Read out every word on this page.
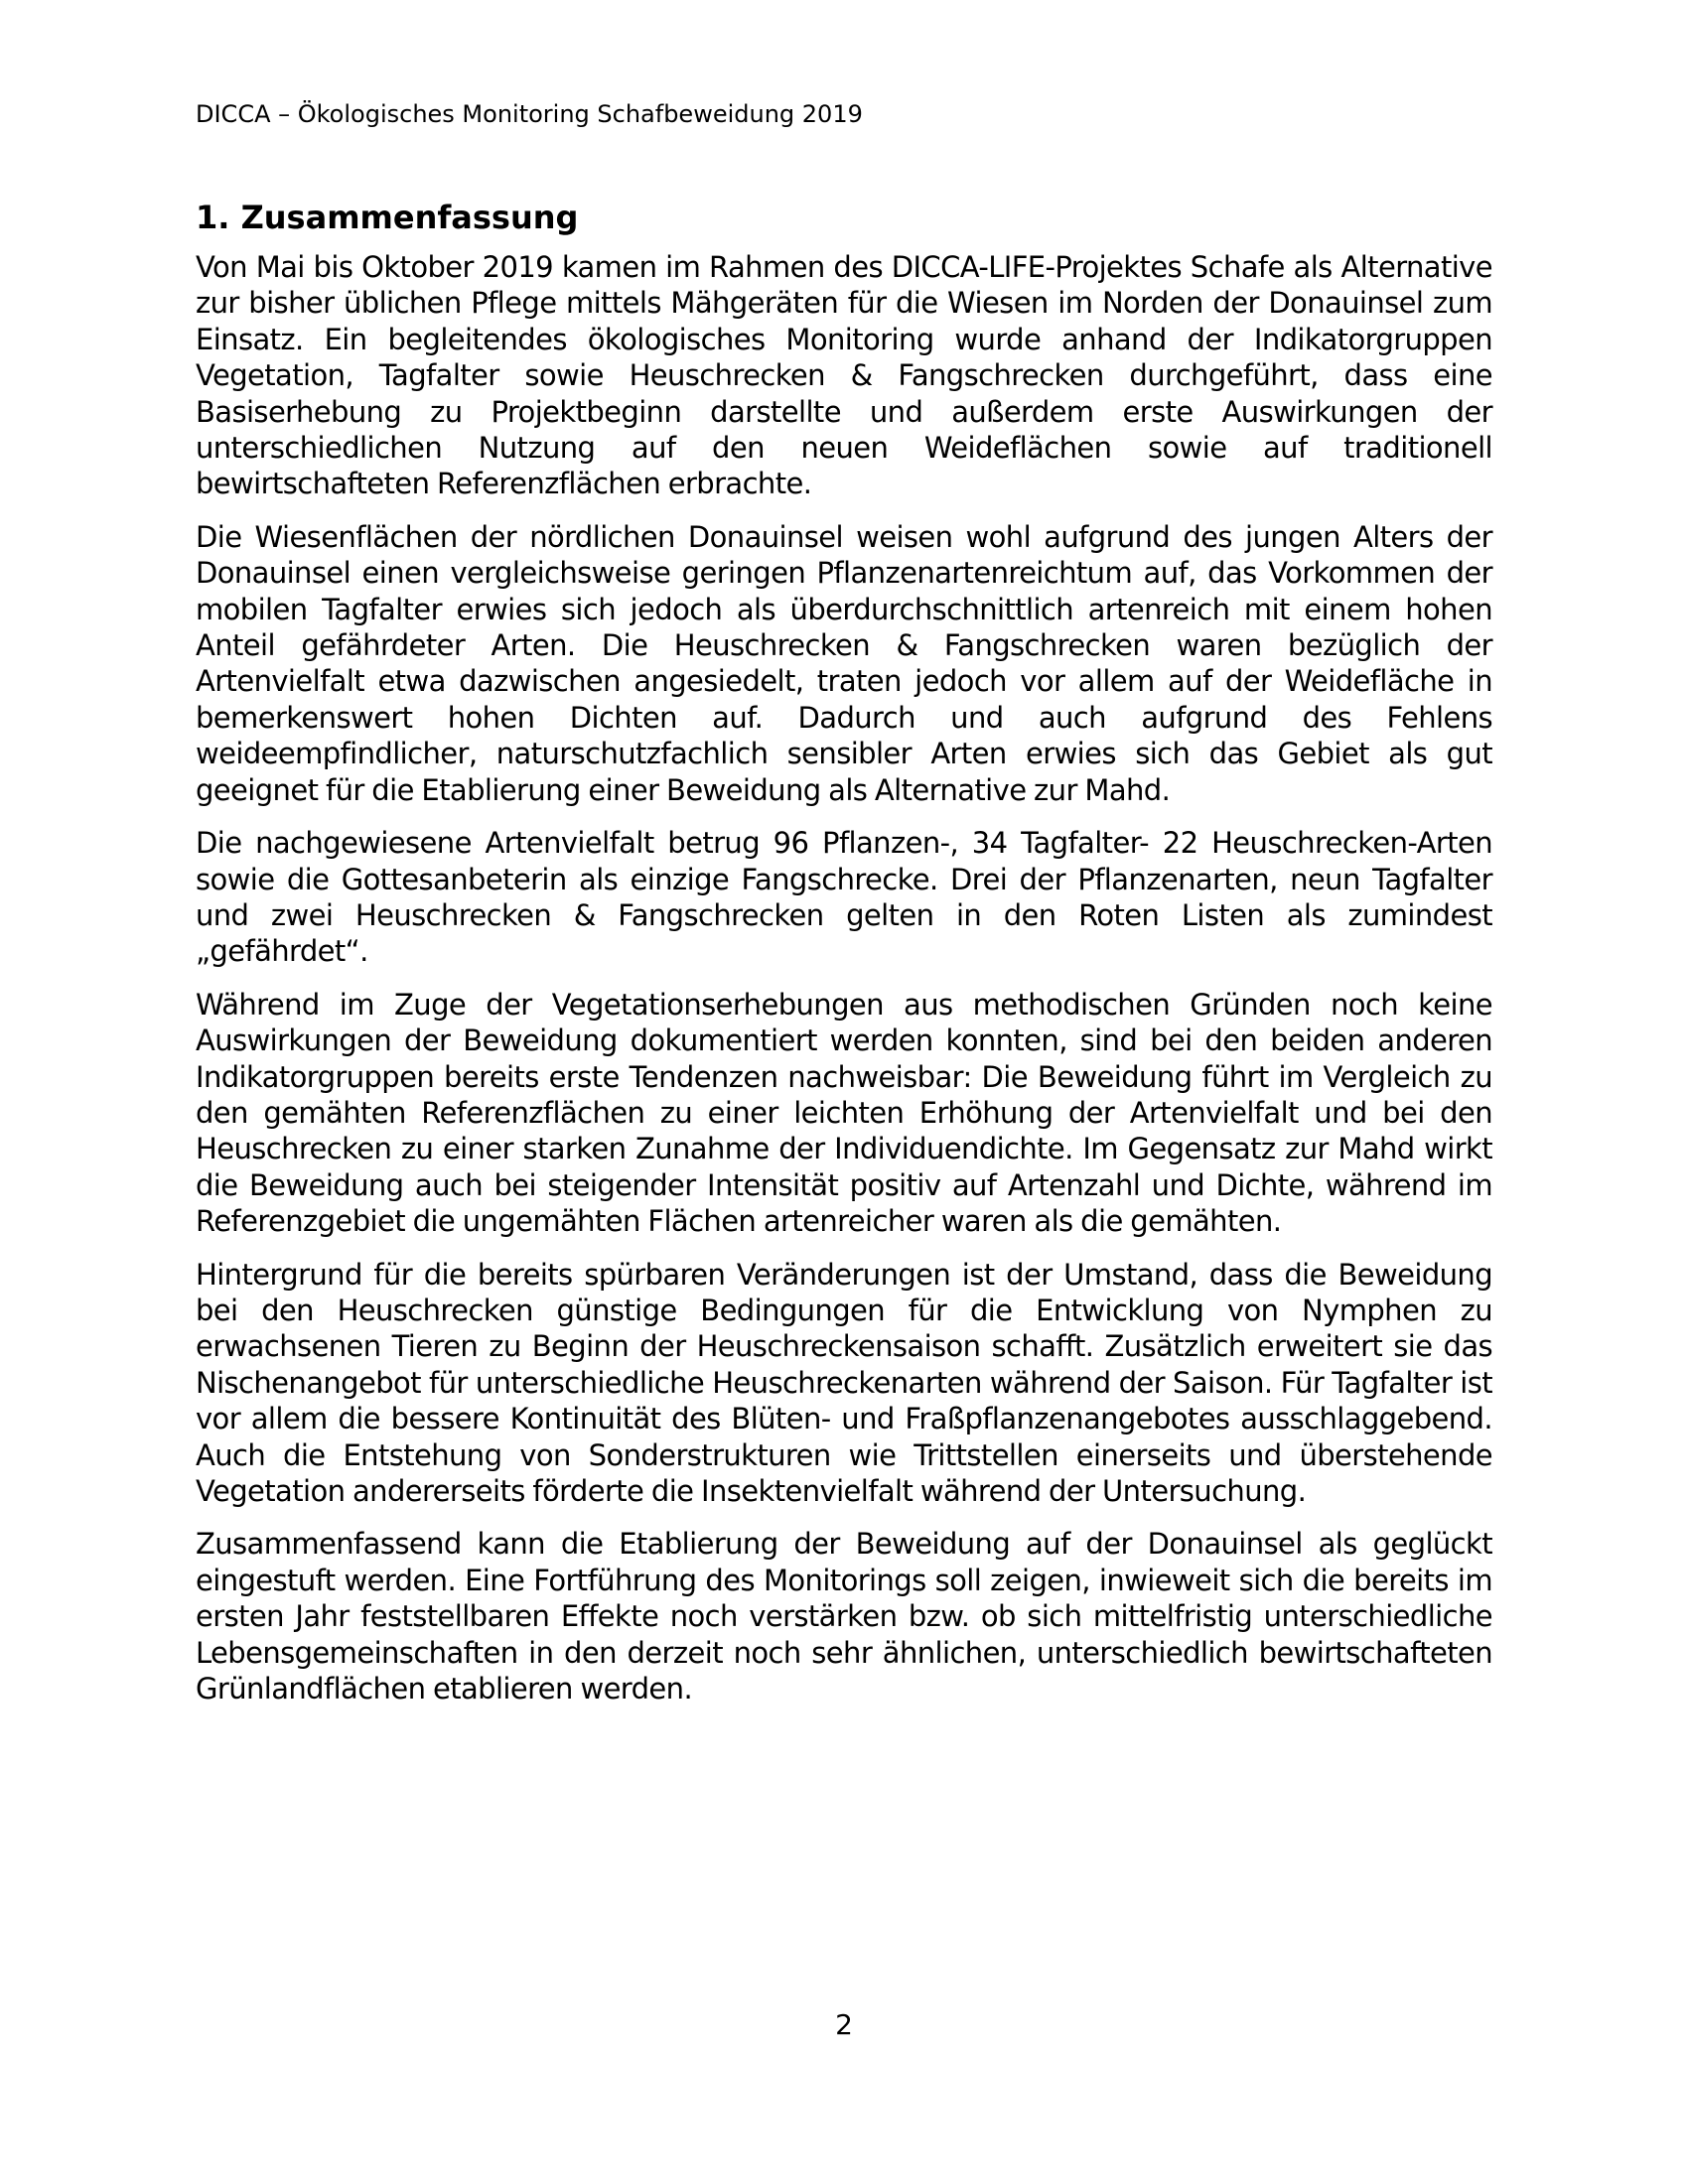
DICCA – Ökologisches Monitoring Schafbeweidung 2019
1. Zusammenfassung

Von Mai bis Oktober 2019 kamen im Rahmen des DICCA-LIFE-Projektes Schafe als Alternative zur bisher üblichen Pflege mittels Mähgeräten für die Wiesen im Norden der Donauinsel zum Einsatz. Ein begleitendes ökologisches Monitoring wurde anhand der Indikatorgruppen Vegetation, Tagfalter sowie Heuschrecken & Fangschrecken durchgeführt, dass eine Basiserhebung zu Projektbeginn darstellte und außerdem erste Auswirkungen der unterschiedlichen Nutzung auf den neuen Weideflächen sowie auf traditionell bewirtschafteten Referenzflächen erbrachte.

Die Wiesenflächen der nördlichen Donauinsel weisen wohl aufgrund des jungen Alters der Donauinsel einen vergleichsweise geringen Pflanzenartenreichtum auf, das Vorkommen der mobilen Tagfalter erwies sich jedoch als überdurchschnittlich artenreich mit einem hohen Anteil gefährdeter Arten. Die Heuschrecken & Fangschrecken waren bezüglich der Artenvielfalt etwa dazwischen angesiedelt, traten jedoch vor allem auf der Weidefläche in bemerkenswert hohen Dichten auf. Dadurch und auch aufgrund des Fehlens weideempfindlicher, naturschutzfachlich sensibler Arten erwies sich das Gebiet als gut geeignet für die Etablierung einer Beweidung als Alternative zur Mahd.

Die nachgewiesene Artenvielfalt betrug 96 Pflanzen-, 34 Tagfalter- 22 Heuschrecken-Arten sowie die Gottesanbeterin als einzige Fangschrecke. Drei der Pflanzenarten, neun Tagfalter und zwei Heuschrecken & Fangschrecken gelten in den Roten Listen als zumindest „gefährdet“.

Während im Zuge der Vegetationserhebungen aus methodischen Gründen noch keine Auswirkungen der Beweidung dokumentiert werden konnten, sind bei den beiden anderen Indikatorgruppen bereits erste Tendenzen nachweisbar: Die Beweidung führt im Vergleich zu den gemähten Referenzflächen zu einer leichten Erhöhung der Artenvielfalt und bei den Heuschrecken zu einer starken Zunahme der Individuendichte. Im Gegensatz zur Mahd wirkt die Beweidung auch bei steigender Intensität positiv auf Artenzahl und Dichte, während im Referenzgebiet die ungemähten Flächen artenreicher waren als die gemähten.

Hintergrund für die bereits spürbaren Veränderungen ist der Umstand, dass die Beweidung bei den Heuschrecken günstige Bedingungen für die Entwicklung von Nymphen zu erwachsenen Tieren zu Beginn der Heuschreckensaison schafft. Zusätzlich erweitert sie das Nischenangebot für unterschiedliche Heuschreckenarten während der Saison. Für Tagfalter ist vor allem die bessere Kontinuität des Blüten- und Fraßpflanzenangebotes ausschlaggebend. Auch die Entstehung von Sonderstrukturen wie Trittstellen einerseits und überstehende Vegetation andererseits förderte die Insektenvielfalt während der Untersuchung.

Zusammenfassend kann die Etablierung der Beweidung auf der Donauinsel als geglückt eingestuft werden. Eine Fortführung des Monitorings soll zeigen, inwieweit sich die bereits im ersten Jahr feststellbaren Effekte noch verstärken bzw. ob sich mittelfristig unterschiedliche Lebensgemeinschaften in den derzeit noch sehr ähnlichen, unterschiedlich bewirtschafteten Grünlandflächen etablieren werden.

2
